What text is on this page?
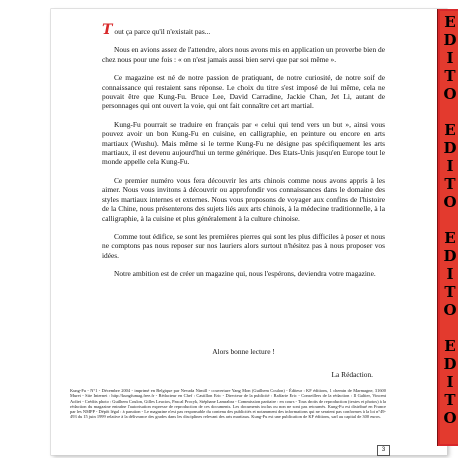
E
D
I
T
O
E
D
I
T
O
E
D
I
T
O
E
D
I
T
O

Tout ça parce qu'il n'existait pas...

Nous en avions assez de l'attendre, alors nous avons mis en application un proverbe bien de chez nous pour une fois : « on n'est jamais aussi bien servi que par soi même ».

Ce magazine est né de notre passion de pratiquant, de notre curiosité, de notre soif de connaissance qui restaient sans réponse. Le choix du titre s'est imposé de lui même, cela ne pouvait être que Kung-Fu. Bruce Lee, David Carradine, Jackie Chan, Jet Li, autant de personnages qui ont ouvert la voie, qui ont fait connaître cet art martial.

Kung-Fu pourrait se traduire en français par « celui qui tend vers un but », ainsi vous pouvez avoir un bon Kung-Fu en cuisine, en calligraphie, en peinture ou encore en arts martiaux (Wushu). Mais même si le terme Kung-Fu ne désigne pas spécifiquement les arts martiaux, il est devenu aujourd'hui un terme générique. Des Etats-Unis jusqu'en Europe tout le monde appelle cela Kung-Fu.

Ce premier numéro vous fera découvrir les arts chinois comme nous avons appris à les aimer. Nous vous invitons à découvrir ou approfondir vos connaissances dans le domaine des styles martiaux internes et externes. Nous vous proposons de voyager aux confins de l'histoire de la Chine, nous présenterons des sujets liés aux arts chinois, à la médecine traditionnelle, à la calligraphie, à la cuisine et plus généralement à la culture chinoise.

Comme tout édifice, se sont les premières pierres qui sont les plus difficiles à poser et nous ne comptons pas nous reposer sur nos lauriers alors surtout n'hésitez pas à nous proposer vos idées.

Notre ambition est de créer un magazine qui, nous l'espérons, deviendra votre magazine.

Alors bonne lecture !
La Rédaction.
Kung-Fu - N°1 - Décembre 2004 - imprimé en Belgique par Nevada Nimill - couverture Yang Mon (Guilhem Coulon) - Éditeur : KF éditions, 1 chemin de Marmagne, 31600 Muret - Site Internet : http://kungfumag.free.fr - Rédacteur en Chef : Castillon Eric - Directeur de la publicité : Raffarie Eric - Conseillers de la rédaction : Il Galtier, Vincent Aoliet - Crédits photo : Guilhem Coulon, Gilles Leucios, Pascal Procyk, Stéphane Lamrabra - Commission paritaire : en cours - Tous droits de reproduction (textes et photos) à la rédaction du magazine entraîne l'autorisation expresse de reproduction de ces documents. Les documents inclus ou non ne sont pas retournés. Kung-Fu est distribué en France par les NMPP - Dépôt légal : à parution - Le magazine n'est pas responsable du contenu des publicités et notamment des informations qui ne seraient pas conformes à la loi n°49-493 du 15 juin 1999 relative à la délivrance des grades dans les disciplines relevant des arts martiaux. Kung-Fu est une publication de KF éditions, sarl au capital de 300 euros.
3
